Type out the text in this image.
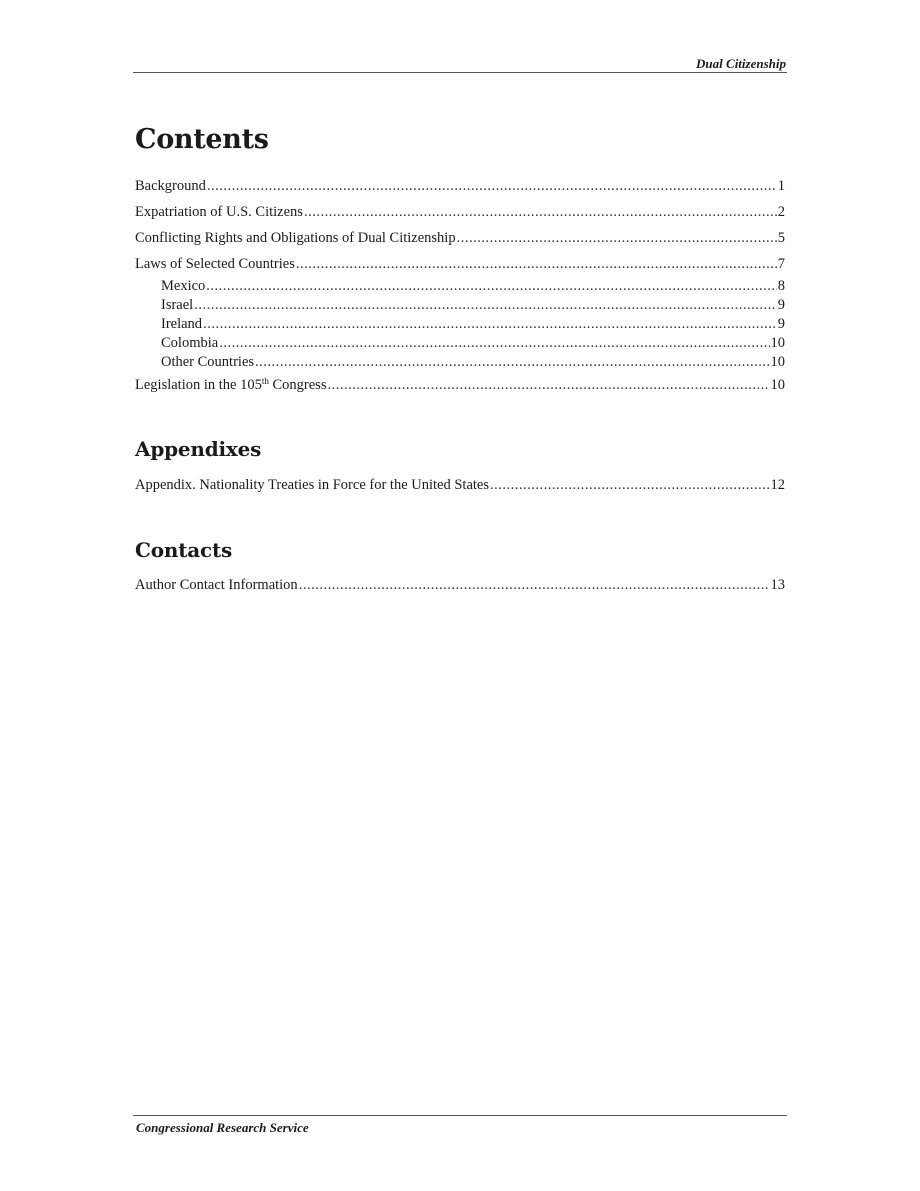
Dual Citizenship
Contents
Background .....	1
Expatriation of U.S. Citizens .....	2
Conflicting Rights and Obligations of Dual Citizenship .....	5
Laws of Selected Countries .....	7
Mexico .....	8
Israel .....	9
Ireland .....	9
Colombia .....	10
Other Countries .....	10
Legislation in the 105th Congress .....	10
Appendixes
Appendix. Nationality Treaties in Force for the United States .....	12
Contacts
Author Contact Information .....	13
Congressional Research Service
